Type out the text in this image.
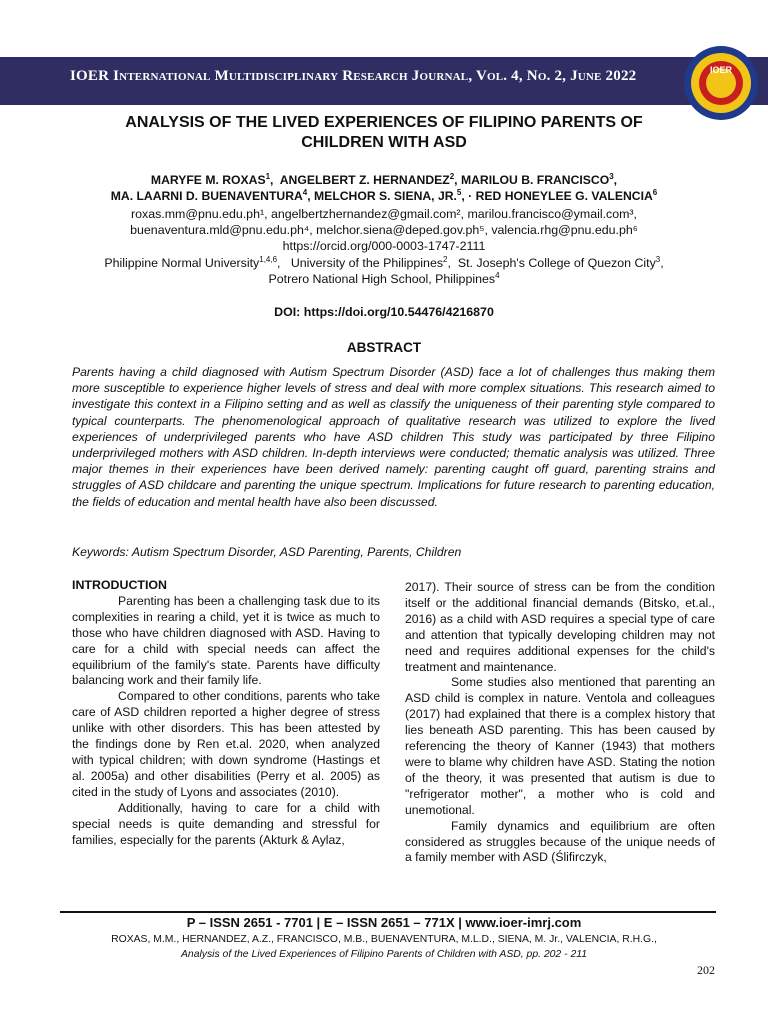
IOER International Multidisciplinary Research Journal, Vol. 4, No. 2, June 2022	IOER
ANALYSIS OF THE LIVED EXPERIENCES OF FILIPINO PARENTS OF
CHILDREN WITH ASD
MARYFE M. ROXAS$^1$,  ANGELBERT Z. HERNANDEZ$^2$, MARILOU B. FRANCISCO$^3$,
MA. LAARNI D. BUENAVENTURA$^4$, MELCHOR S. SIENA, JR.$^5$, · RED HONEYLEE G. VALENCIA$^6$
roxas.mm@pnu.edu.ph¹, angelbertzhernandez@gmail.com², marilou.francisco@ymail.com³,
buenaventura.mld@pnu.edu.ph⁴, melchor.siena@deped.gov.ph⁵, valencia.rhg@pnu.edu.ph⁶
https://orcid.org/000-0003-1747-2111
Philippine Normal University$^{1,4,6}$,   University of the Philippines$^2$,  St. Joseph's College of Quezon City$^3$,
Potrero National High School, Philippines$^4$
DOI: https://doi.org/10.54476/4216870
ABSTRACT
Parents having a child diagnosed with Autism Spectrum Disorder (ASD) face a lot of challenges thus making them more susceptible to experience higher levels of stress and deal with more complex situations. This research aimed to investigate this context in a Filipino setting and as well as classify the uniqueness of their parenting style compared to typical counterparts. The phenomenological approach of qualitative research was utilized to explore the lived experiences of underprivileged parents who have ASD children This study was participated by three Filipino underprivileged mothers with ASD children. In-depth interviews were conducted; thematic analysis was utilized. Three major themes in their experiences have been derived namely: parenting caught off guard, parenting strains and struggles of ASD childcare and parenting the unique spectrum. Implications for future research to parenting education, the fields of education and mental health have also been discussed.
Keywords: Autism Spectrum Disorder, ASD Parenting, Parents, Children

INTRODUCTION

Parenting has been a challenging task due to its complexities in rearing a child, yet it is twice as much to those who have children diagnosed with ASD. Having to care for a child with special needs can affect the equilibrium of the family's state. Parents have difficulty balancing work and their family life.

Compared to other conditions, parents who take care of ASD children reported a higher degree of stress unlike with other disorders. This has been attested by the findings done by Ren et.al. 2020, when analyzed with typical children; with down syndrome (Hastings et al. 2005a) and other disabilities (Perry et al. 2005) as cited in the study of Lyons and associates (2010).

Additionally, having to care for a child with special needs is quite demanding and stressful for families, especially for the parents (Akturk & Aylaz,

2017). Their source of stress can be from the condition itself or the additional financial demands (Bitsko, et.al., 2016) as a child with ASD requires a special type of care and attention that typically developing children may not need and requires additional expenses for the child's treatment and maintenance.

Some studies also mentioned that parenting an ASD child is complex in nature. Ventola and colleagues (2017) had explained that there is a complex history that lies beneath ASD parenting. This has been caused by referencing the theory of Kanner (1943) that mothers were to blame why children have ASD. Stating the notion of the theory, it was presented that autism is due to "refrigerator mother", a mother who is cold and unemotional.

Family dynamics and equilibrium are often considered as struggles because of the unique needs of a family member with ASD (Ślifirczyk,

P – ISSN 2651 - 7701 | E – ISSN 2651 – 771X | www.ioer-imrj.com
ROXAS, M.M., HERNANDEZ, A.Z., FRANCISCO, M.B., BUENAVENTURA, M.L.D., SIENA, M. Jr., VALENCIA, R.H.G.,
Analysis of the Lived Experiences of Filipino Parents of Children with ASD, pp. 202 - 211
202
